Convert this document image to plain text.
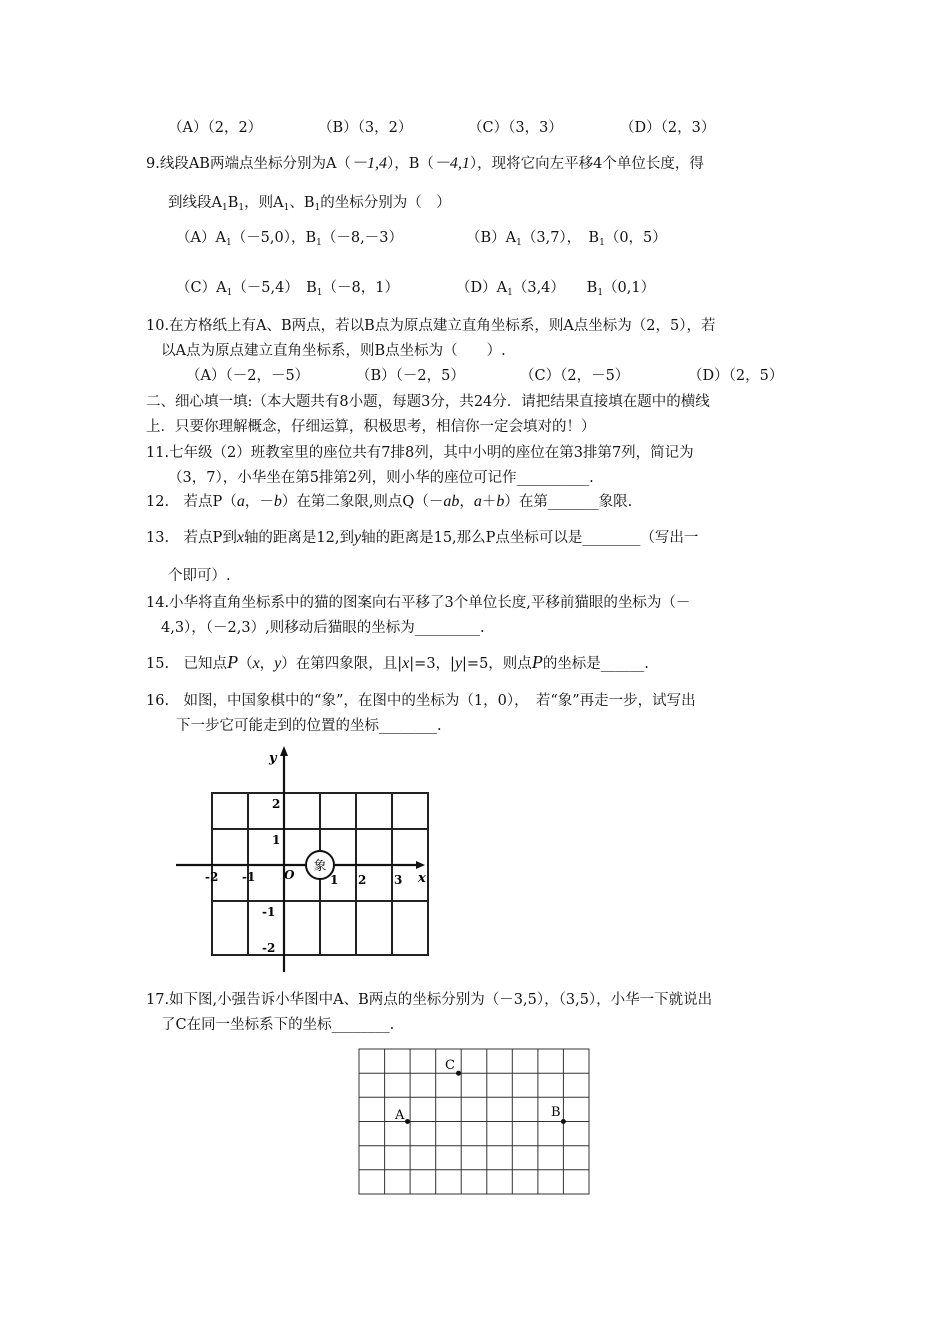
（A）（2，2）	（B）（3，2）	（C）（3，3）	（D）（2，3）
9.线段AB两端点坐标分别为A（－1,4），B（－4,1），现将它向左平移4个单位长度，得
到线段$A_1B_1$，则$A_1$、$B_1$的坐标分别为（　）
$(A)A_1(-5,0)$，$B_1(-8,-3)$	$(B)A_1(3,7)$，　$B_1(0$，5）
$(C)A_1(-5,4)$　$B_1(-8$，1）	$(D)A_1(3,4)$　　$B_1(0,1)$
10.在方格纸上有A、B两点，若以B点为原点建立直角坐标系，则A点坐标为（2，5），若
以A点为原点建立直角坐标系，则B点坐标为（　　）.
（A）（－2，－5）	（B）（－2，5）	（C）（2，－5）	（D）（2，5）
二、细心填一填:（本大题共有8小题，每题3分，共24分．请把结果直接填在题中的横线
上．只要你理解概念，仔细运算，积极思考，相信你一定会填对的！）
11.七年级（2）班教室里的座位共有7排8列，其中小明的座位在第3排第7列，简记为
（3，7），小华坐在第5排第2列，则小华的座位可记作__________.
12.　若点P（a，－b）在第二象限,则点Q（－ab，a＋b）在第_______象限.
13.　若点P到x轴的距离是12,到y轴的距离是15,那么P点坐标可以是________（写出一
个即可）.
14.小华将直角坐标系中的猫的图案向右平移了3个单位长度,平移前猫眼的坐标为（－
4,3），（－2,3）,则移动后猫眼的坐标为_________.
15.　已知点P（x，y）在第四象限，且|x|=3，|y|=5，则点P的坐标是______.
16.　如图，中国象棋中的“象”，在图中的坐标为（1，0），　若“象”再走一步，试写出
下一步它可能走到的位置的坐标________.
x
y
O
-2 -1	1 2 3
2
1
-1
-2
象
17.如下图,小强告诉小华图中A、B两点的坐标分别为（－3,5），（3,5），小华一下就说出
了C在同一坐标系下的坐标________.
A	B
C
